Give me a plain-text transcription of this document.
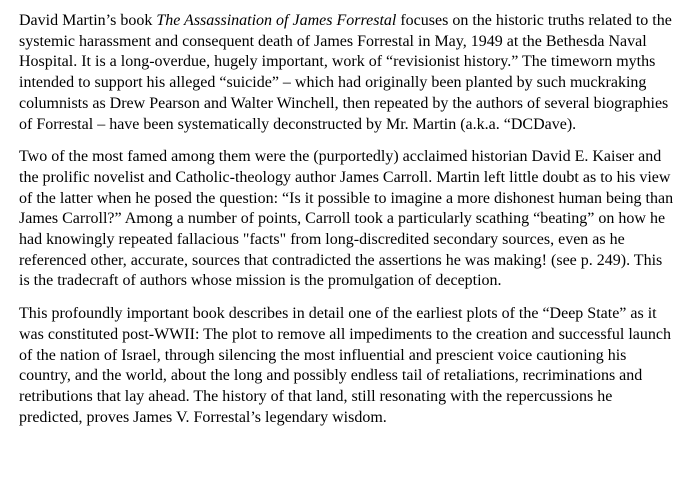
David Martin’s book The Assassination of James Forrestal focuses on the historic truths related to the systemic harassment and consequent death of James Forrestal in May, 1949 at the Bethesda Naval Hospital. It is a long-overdue, hugely important, work of “revisionist history.” The timeworn myths intended to support his alleged “suicide” – which had originally been planted by such muckraking columnists as Drew Pearson and Walter Winchell, then repeated by the authors of several biographies of Forrestal – have been systematically deconstructed by Mr. Martin (a.k.a. “DCDave).

Two of the most famed among them were the (purportedly) acclaimed historian David E. Kaiser and the prolific novelist and Catholic-theology author James Carroll. Martin left little doubt as to his view of the latter when he posed the question: “Is it possible to imagine a more dishonest human being than James Carroll?” Among a number of points, Carroll took a particularly scathing “beating” on how he had knowingly repeated fallacious "facts" from long-discredited secondary sources, even as he referenced other, accurate, sources that contradicted the assertions he was making! (see p. 249). This is the tradecraft of authors whose mission is the promulgation of deception.

This profoundly important book describes in detail one of the earliest plots of the “Deep State” as it was constituted post-WWII: The plot to remove all impediments to the creation and successful launch of the nation of Israel, through silencing the most influential and prescient voice cautioning his country, and the world, about the long and possibly endless tail of retaliations, recriminations and retributions that lay ahead. The history of that land, still resonating with the repercussions he predicted, proves James V. Forrestal’s legendary wisdom.
